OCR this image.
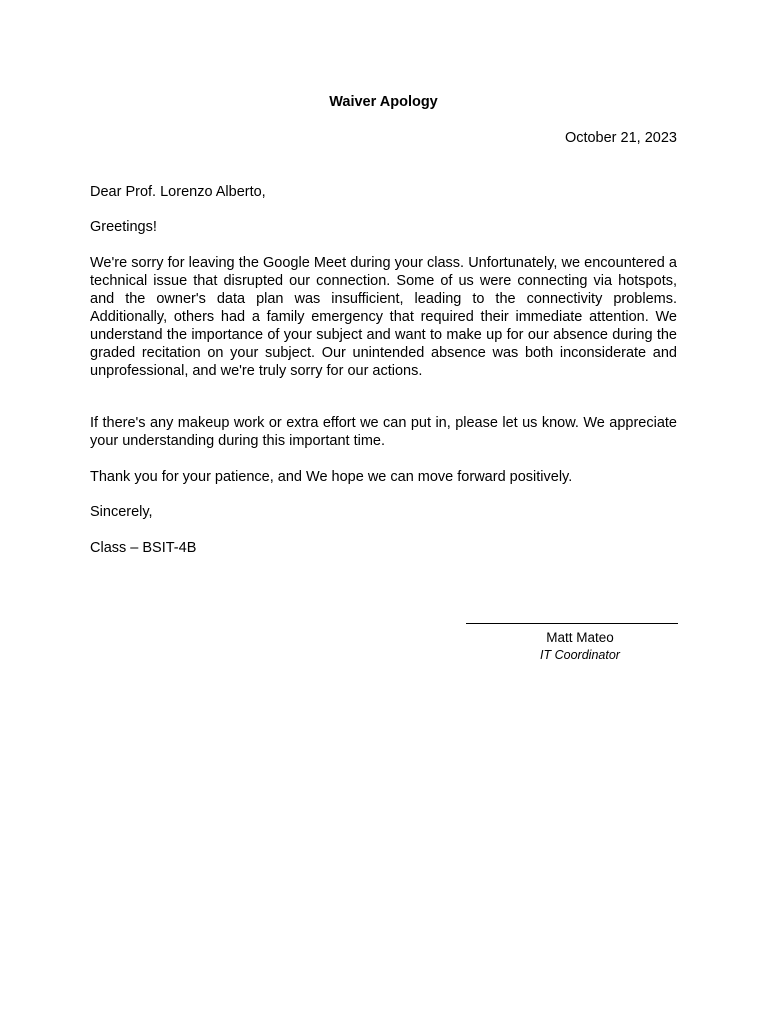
Waiver Apology
October 21, 2023
Dear Prof. Lorenzo Alberto,
Greetings!

We're sorry for leaving the Google Meet during your class. Unfortunately, we encountered a technical issue that disrupted our connection. Some of us were connecting via hotspots, and the owner's data plan was insufficient, leading to the connectivity problems. Additionally, others had a family emergency that required their immediate attention. We understand the importance of your subject and want to make up for our absence during the graded recitation on your subject. Our unintended absence was both inconsiderate and unprofessional, and we're truly sorry for our actions.

If there's any makeup work or extra effort we can put in, please let us know. We appreciate your understanding during this important time.

Thank you for your patience, and We hope we can move forward positively.

Sincerely,
Class – BSIT-4B
Matt Mateo
IT Coordinator
